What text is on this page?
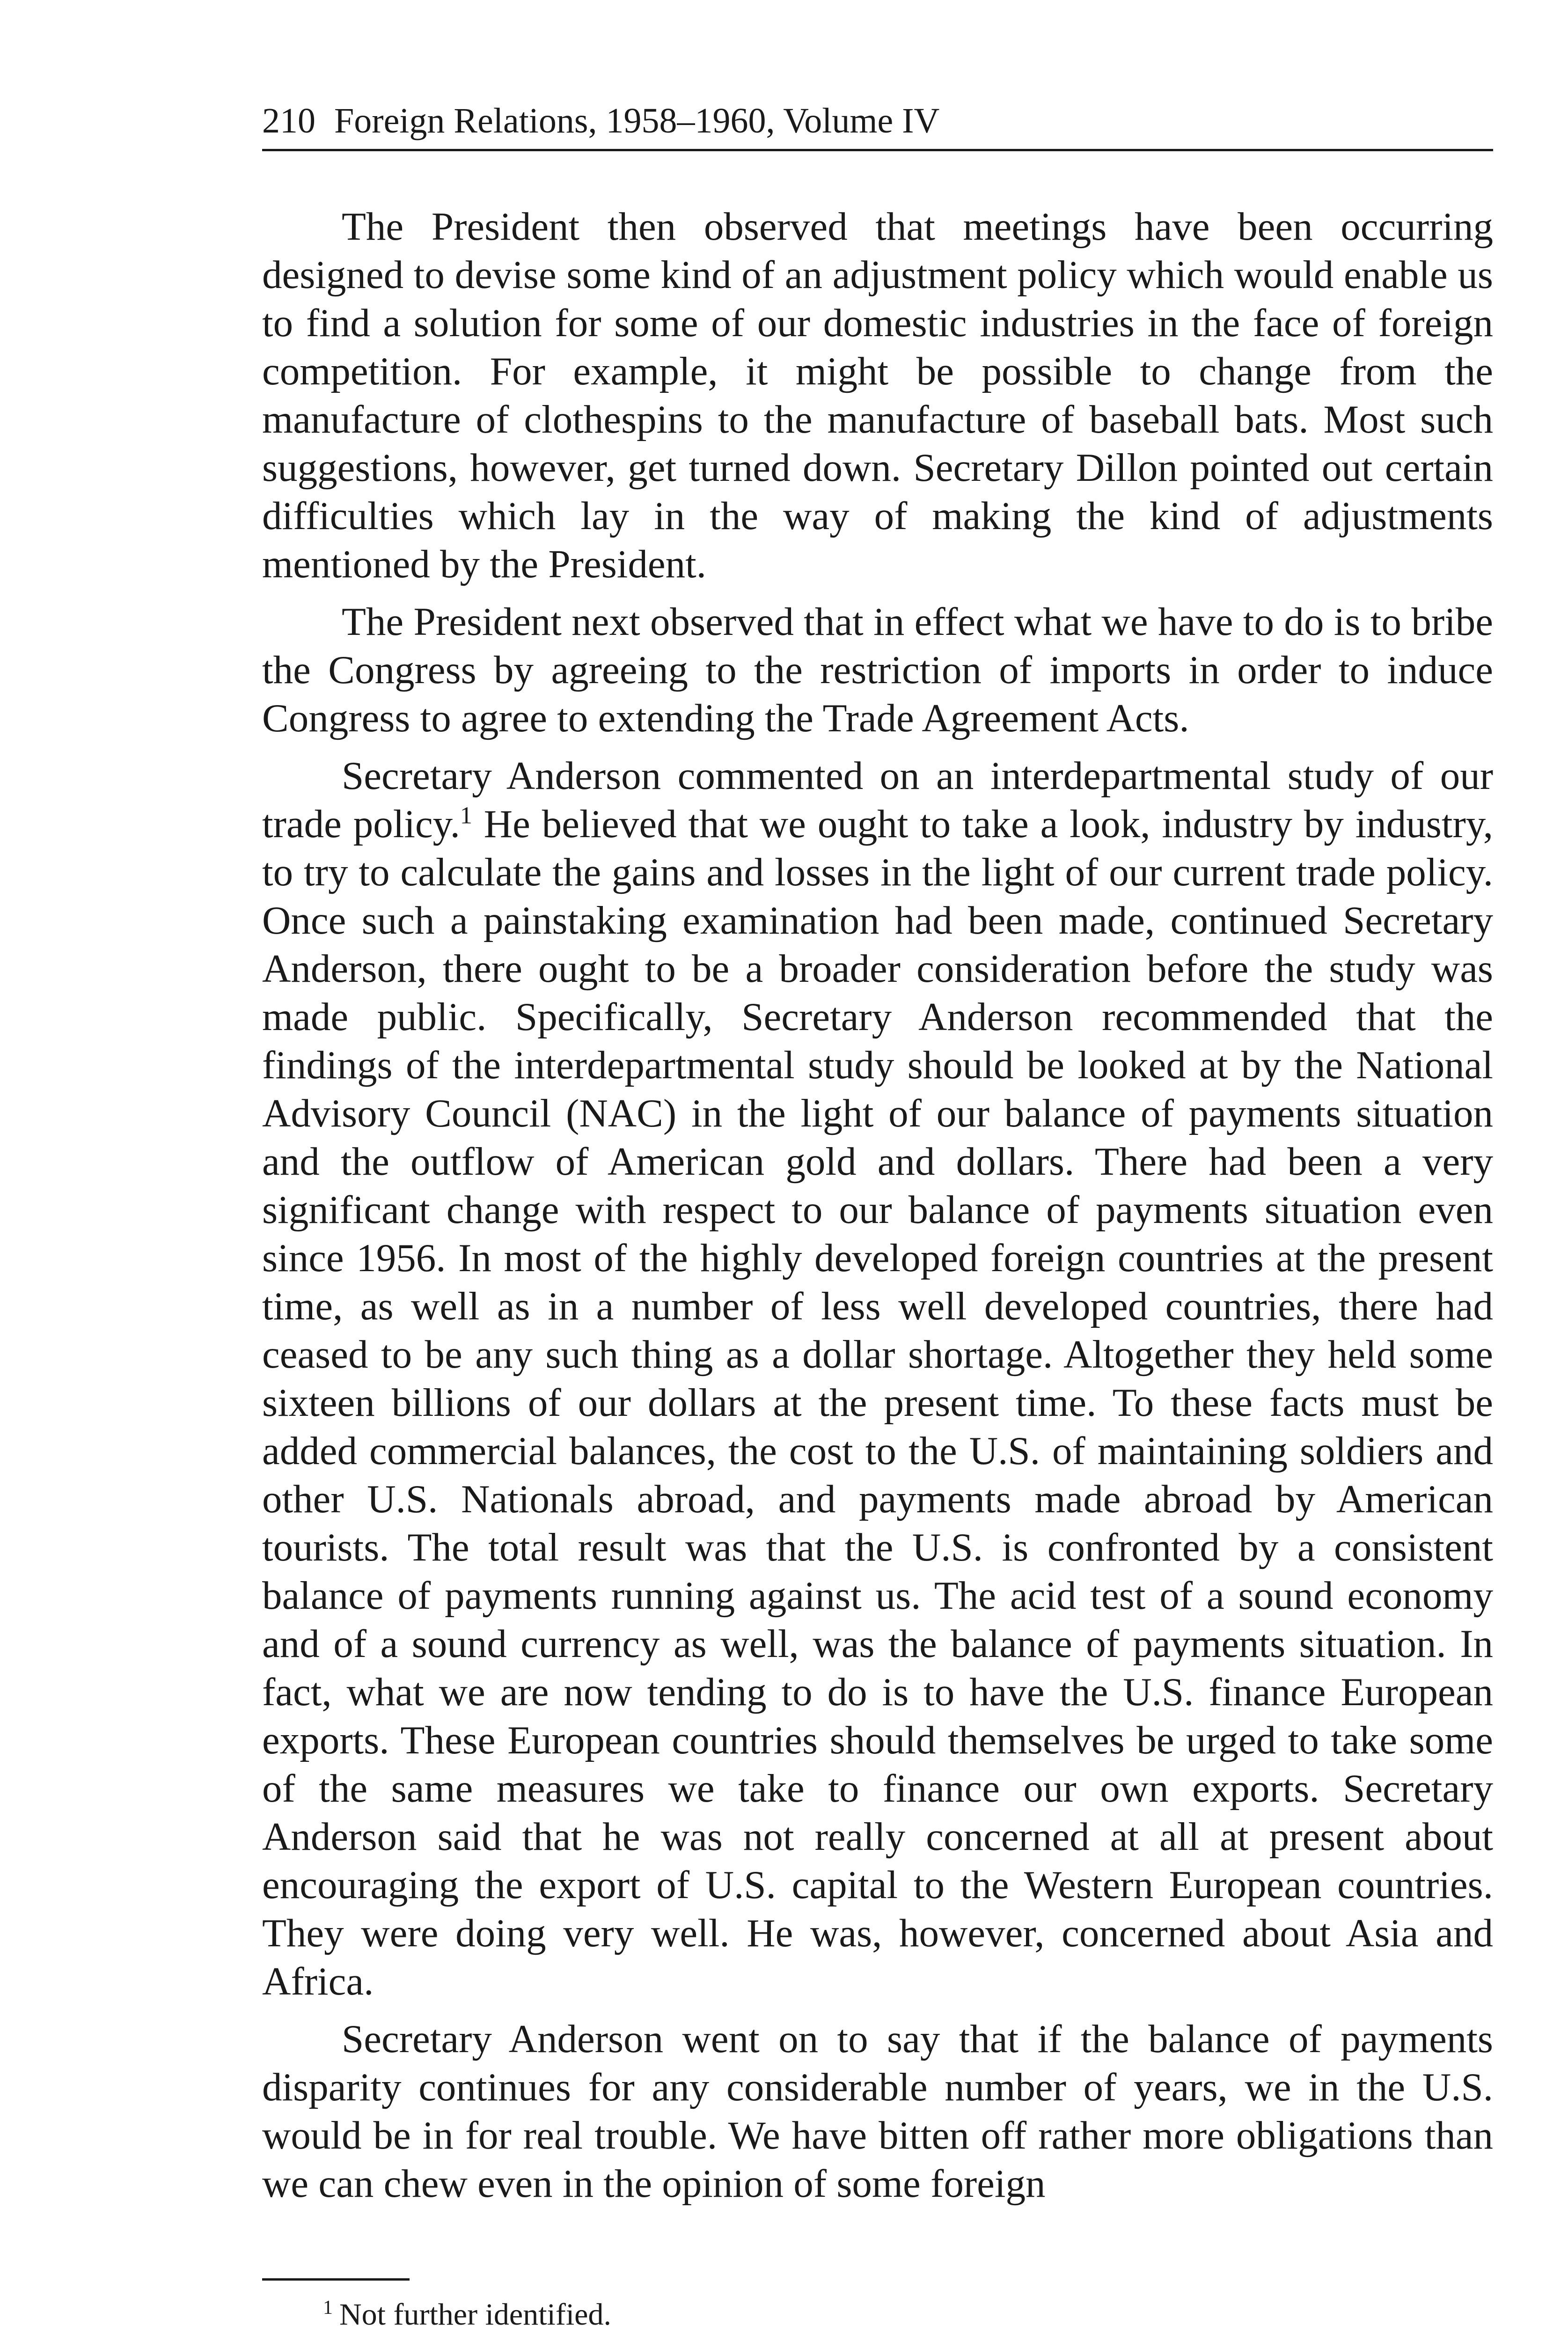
210 Foreign Relations, 1958–1960, Volume IV

The President then observed that meetings have been occurring designed to devise some kind of an adjustment policy which would enable us to find a solution for some of our domestic industries in the face of foreign competition. For example, it might be possible to change from the manufacture of clothespins to the manufacture of baseball bats. Most such suggestions, however, get turned down. Secretary Dillon pointed out certain difficulties which lay in the way of making the kind of adjustments mentioned by the President.

The President next observed that in effect what we have to do is to bribe the Congress by agreeing to the restriction of imports in order to induce Congress to agree to extending the Trade Agreement Acts.

Secretary Anderson commented on an interdepartmental study of our trade policy.$^1$ He believed that we ought to take a look, industry by industry, to try to calculate the gains and losses in the light of our current trade policy. Once such a painstaking examination had been made, continued Secretary Anderson, there ought to be a broader consideration before the study was made public. Specifically, Secretary Anderson recommended that the findings of the interdepartmental study should be looked at by the National Advisory Council (NAC) in the light of our balance of payments situation and the outflow of American gold and dollars. There had been a very significant change with respect to our balance of payments situation even since 1956. In most of the highly developed foreign countries at the present time, as well as in a number of less well developed countries, there had ceased to be any such thing as a dollar shortage. Altogether they held some sixteen billions of our dollars at the present time. To these facts must be added commercial balances, the cost to the U.S. of maintaining soldiers and other U.S. Nationals abroad, and payments made abroad by American tourists. The total result was that the U.S. is confronted by a consistent balance of payments running against us. The acid test of a sound economy and of a sound currency as well, was the balance of payments situation. In fact, what we are now tending to do is to have the U.S. finance European exports. These European countries should themselves be urged to take some of the same measures we take to finance our own exports. Secretary Anderson said that he was not really concerned at all at present about encouraging the export of U.S. capital to the Western European countries. They were doing very well. He was, however, concerned about Asia and Africa.

Secretary Anderson went on to say that if the balance of payments disparity continues for any considerable number of years, we in the U.S. would be in for real trouble. We have bitten off rather more obligations than we can chew even in the opinion of some foreign

$^1$ Not further identified.
